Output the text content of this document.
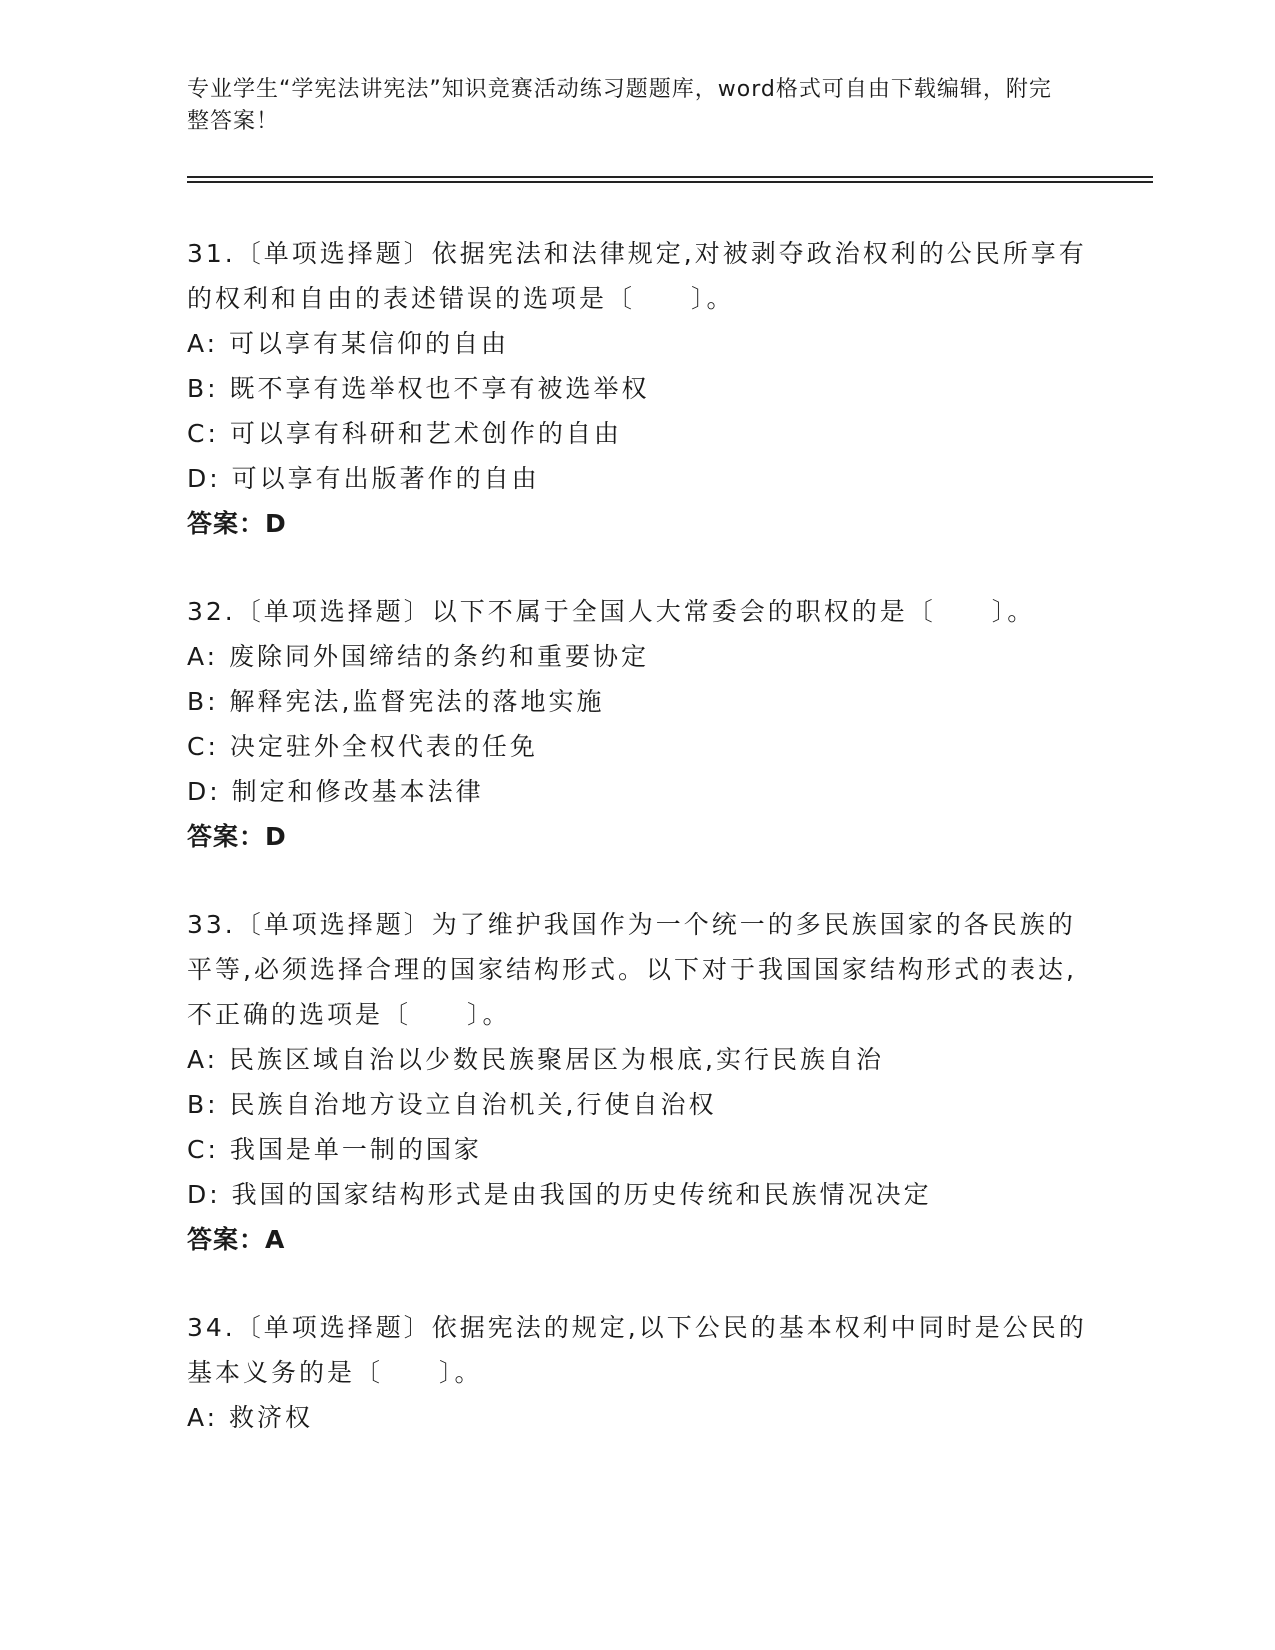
专业学生“学宪法讲宪法”知识竞赛活动练习题题库，word格式可自由下载编辑，附完整答案！
31.〔单项选择题〕依据宪法和法律规定,对被剥夺政治权利的公民所享有的权利和自由的表述错误的选项是〔　　〕。
A: 可以享有某信仰的自由
B: 既不享有选举权也不享有被选举权
C: 可以享有科研和艺术创作的自由
D: 可以享有出版著作的自由
答案：D
32.〔单项选择题〕以下不属于全国人大常委会的职权的是〔　　〕。
A: 废除同外国缔结的条约和重要协定
B: 解释宪法,监督宪法的落地实施
C: 决定驻外全权代表的任免
D: 制定和修改基本法律
答案：D
33.〔单项选择题〕为了维护我国作为一个统一的多民族国家的各民族的平等,必须选择合理的国家结构形式。以下对于我国国家结构形式的表达,不正确的选项是〔　　〕。
A: 民族区域自治以少数民族聚居区为根底,实行民族自治
B: 民族自治地方设立自治机关,行使自治权
C: 我国是单一制的国家
D: 我国的国家结构形式是由我国的历史传统和民族情况决定
答案：A
34.〔单项选择题〕依据宪法的规定,以下公民的基本权利中同时是公民的基本义务的是〔　　〕。
A: 救济权
